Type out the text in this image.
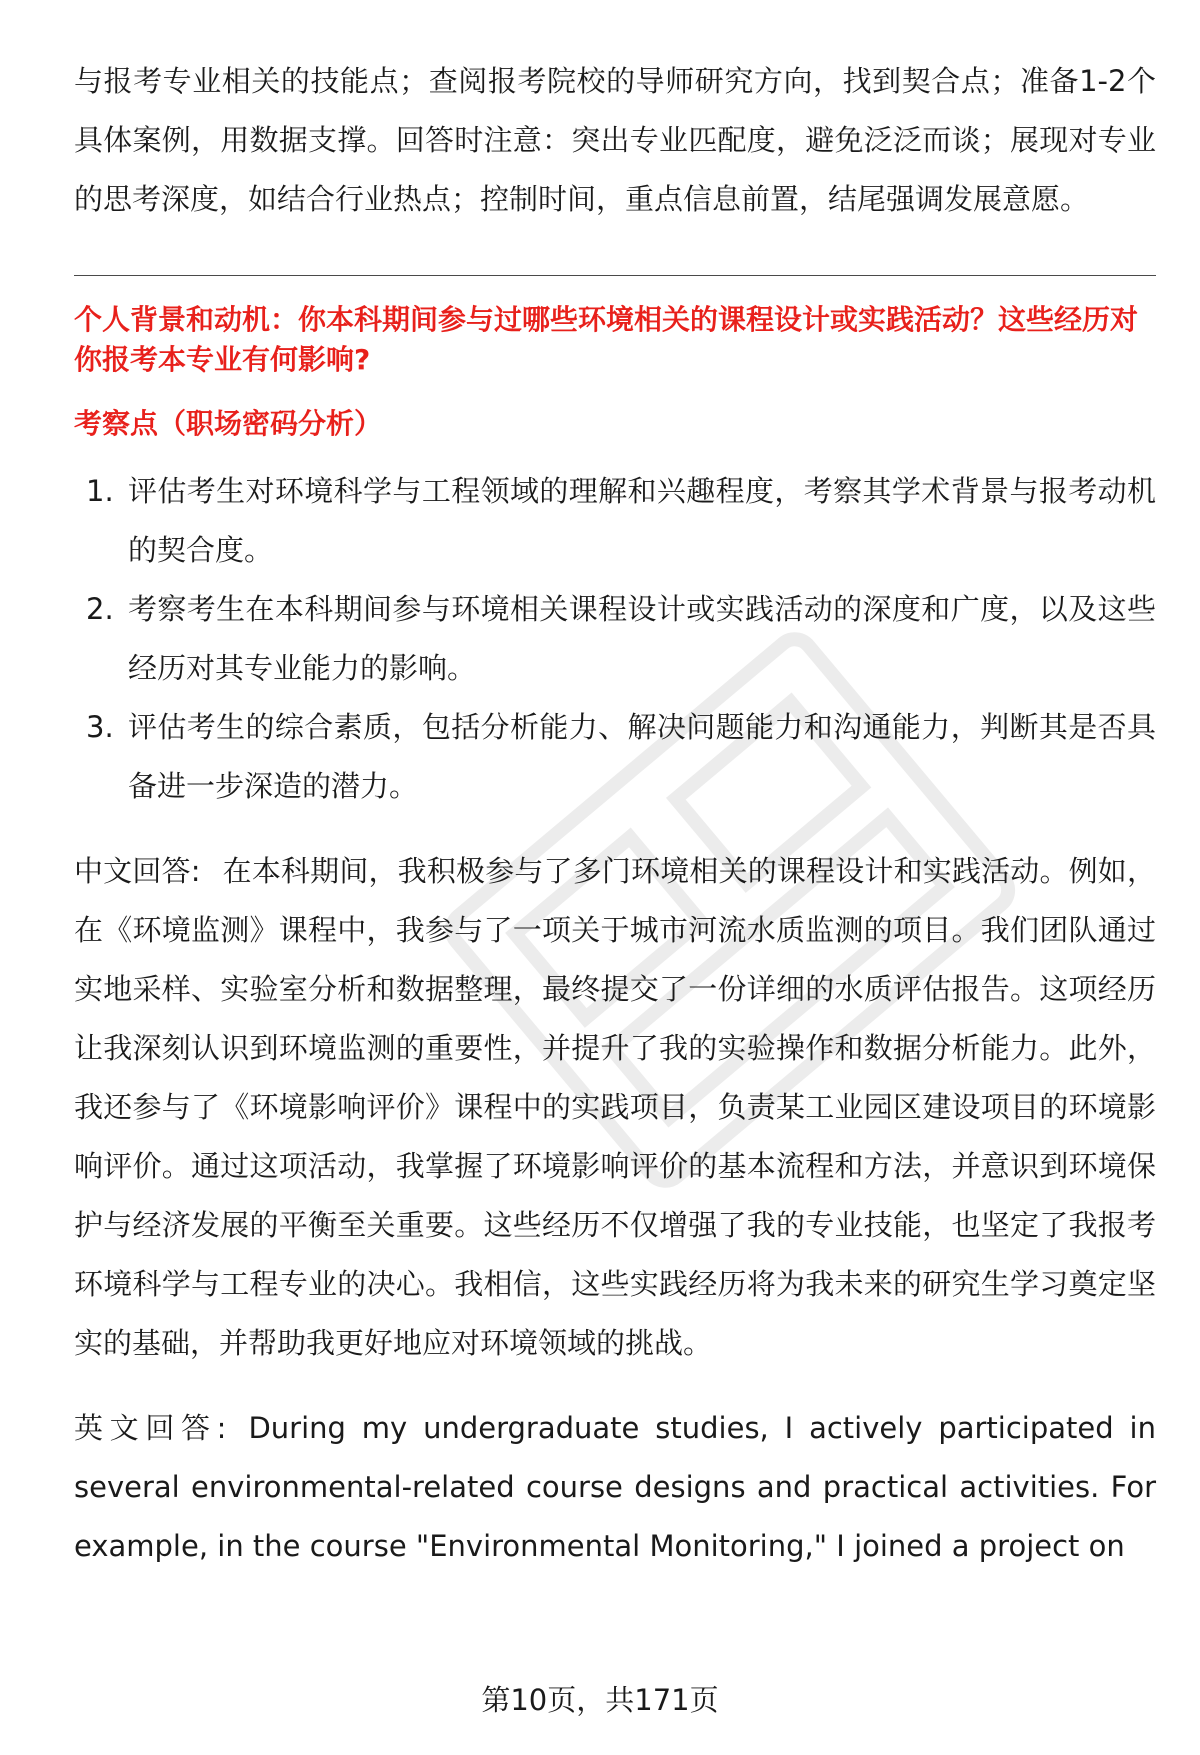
与报考专业相关的技能点；查阅报考院校的导师研究方向，找到契合点；准备1-2个具体案例，用数据支撑。回答时注意：突出专业匹配度，避免泛泛而谈；展现对专业的思考深度，如结合行业热点；控制时间，重点信息前置，结尾强调发展意愿。

个人背景和动机：你本科期间参与过哪些环境相关的课程设计或实践活动？这些经历对你报考本专业有何影响?

考察点（职场密码分析）

1. 评估考生对环境科学与工程领域的理解和兴趣程度，考察其学术背景与报考动机的契合度。
2. 考察考生在本科期间参与环境相关课程设计或实践活动的深度和广度，以及这些经历对其专业能力的影响。
3. 评估考生的综合素质，包括分析能力、解决问题能力和沟通能力，判断其是否具备进一步深造的潜力。

中文回答: 在本科期间，我积极参与了多门环境相关的课程设计和实践活动。例如，在《环境监测》课程中，我参与了一项关于城市河流水质监测的项目。我们团队通过实地采样、实验室分析和数据整理，最终提交了一份详细的水质评估报告。这项经历让我深刻认识到环境监测的重要性，并提升了我的实验操作和数据分析能力。此外，我还参与了《环境影响评价》课程中的实践项目，负责某工业园区建设项目的环境影响评价。通过这项活动，我掌握了环境影响评价的基本流程和方法，并意识到环境保护与经济发展的平衡至关重要。这些经历不仅增强了我的专业技能，也坚定了我报考环境科学与工程专业的决心。我相信，这些实践经历将为我未来的研究生学习奠定坚实的基础，并帮助我更好地应对环境领域的挑战。

英文回答: During my undergraduate studies, I actively participated in several environmental-related course designs and practical activities. For example, in the course "Environmental Monitoring," I joined a project on

第10页，共171页
